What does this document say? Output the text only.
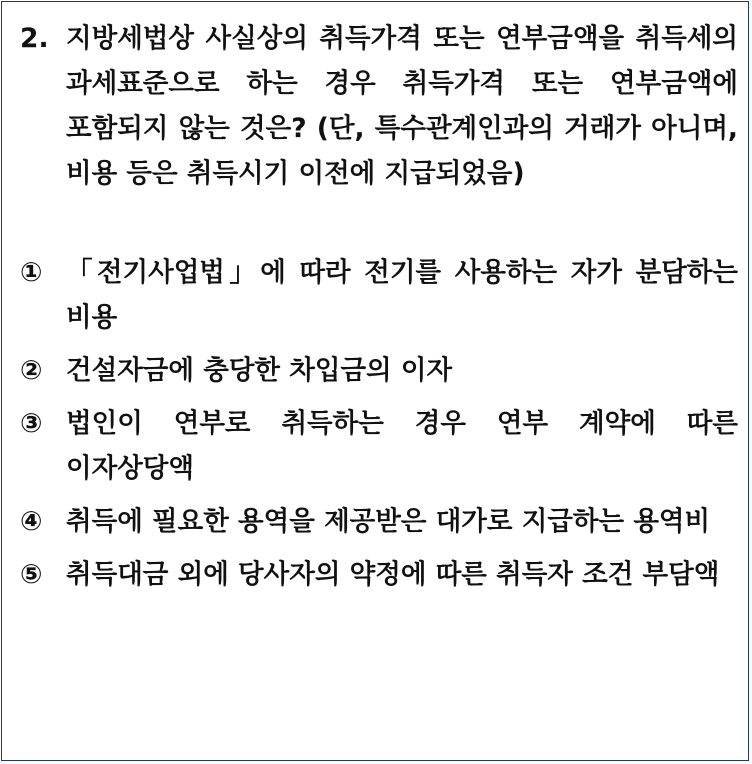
2. 지방세법상 사실상의 취득가격 또는 연부금액을 취득세의 과세표준으로 하는 경우 취득가격 또는 연부금액에 포함되지 않는 것은? (단, 특수관계인과의 거래가 아니며, 비용 등은 취득시기 이전에 지급되었음)
① 「전기사업법」에 따라 전기를 사용하는 자가 분담하는 비용
② 건설자금에 충당한 차입금의 이자
③ 법인이 연부로 취득하는 경우 연부 계약에 따른 이자상당액
④ 취득에 필요한 용역을 제공받은 대가로 지급하는 용역비
⑤ 취득대금 외에 당사자의 약정에 따른 취득자 조건 부담액
